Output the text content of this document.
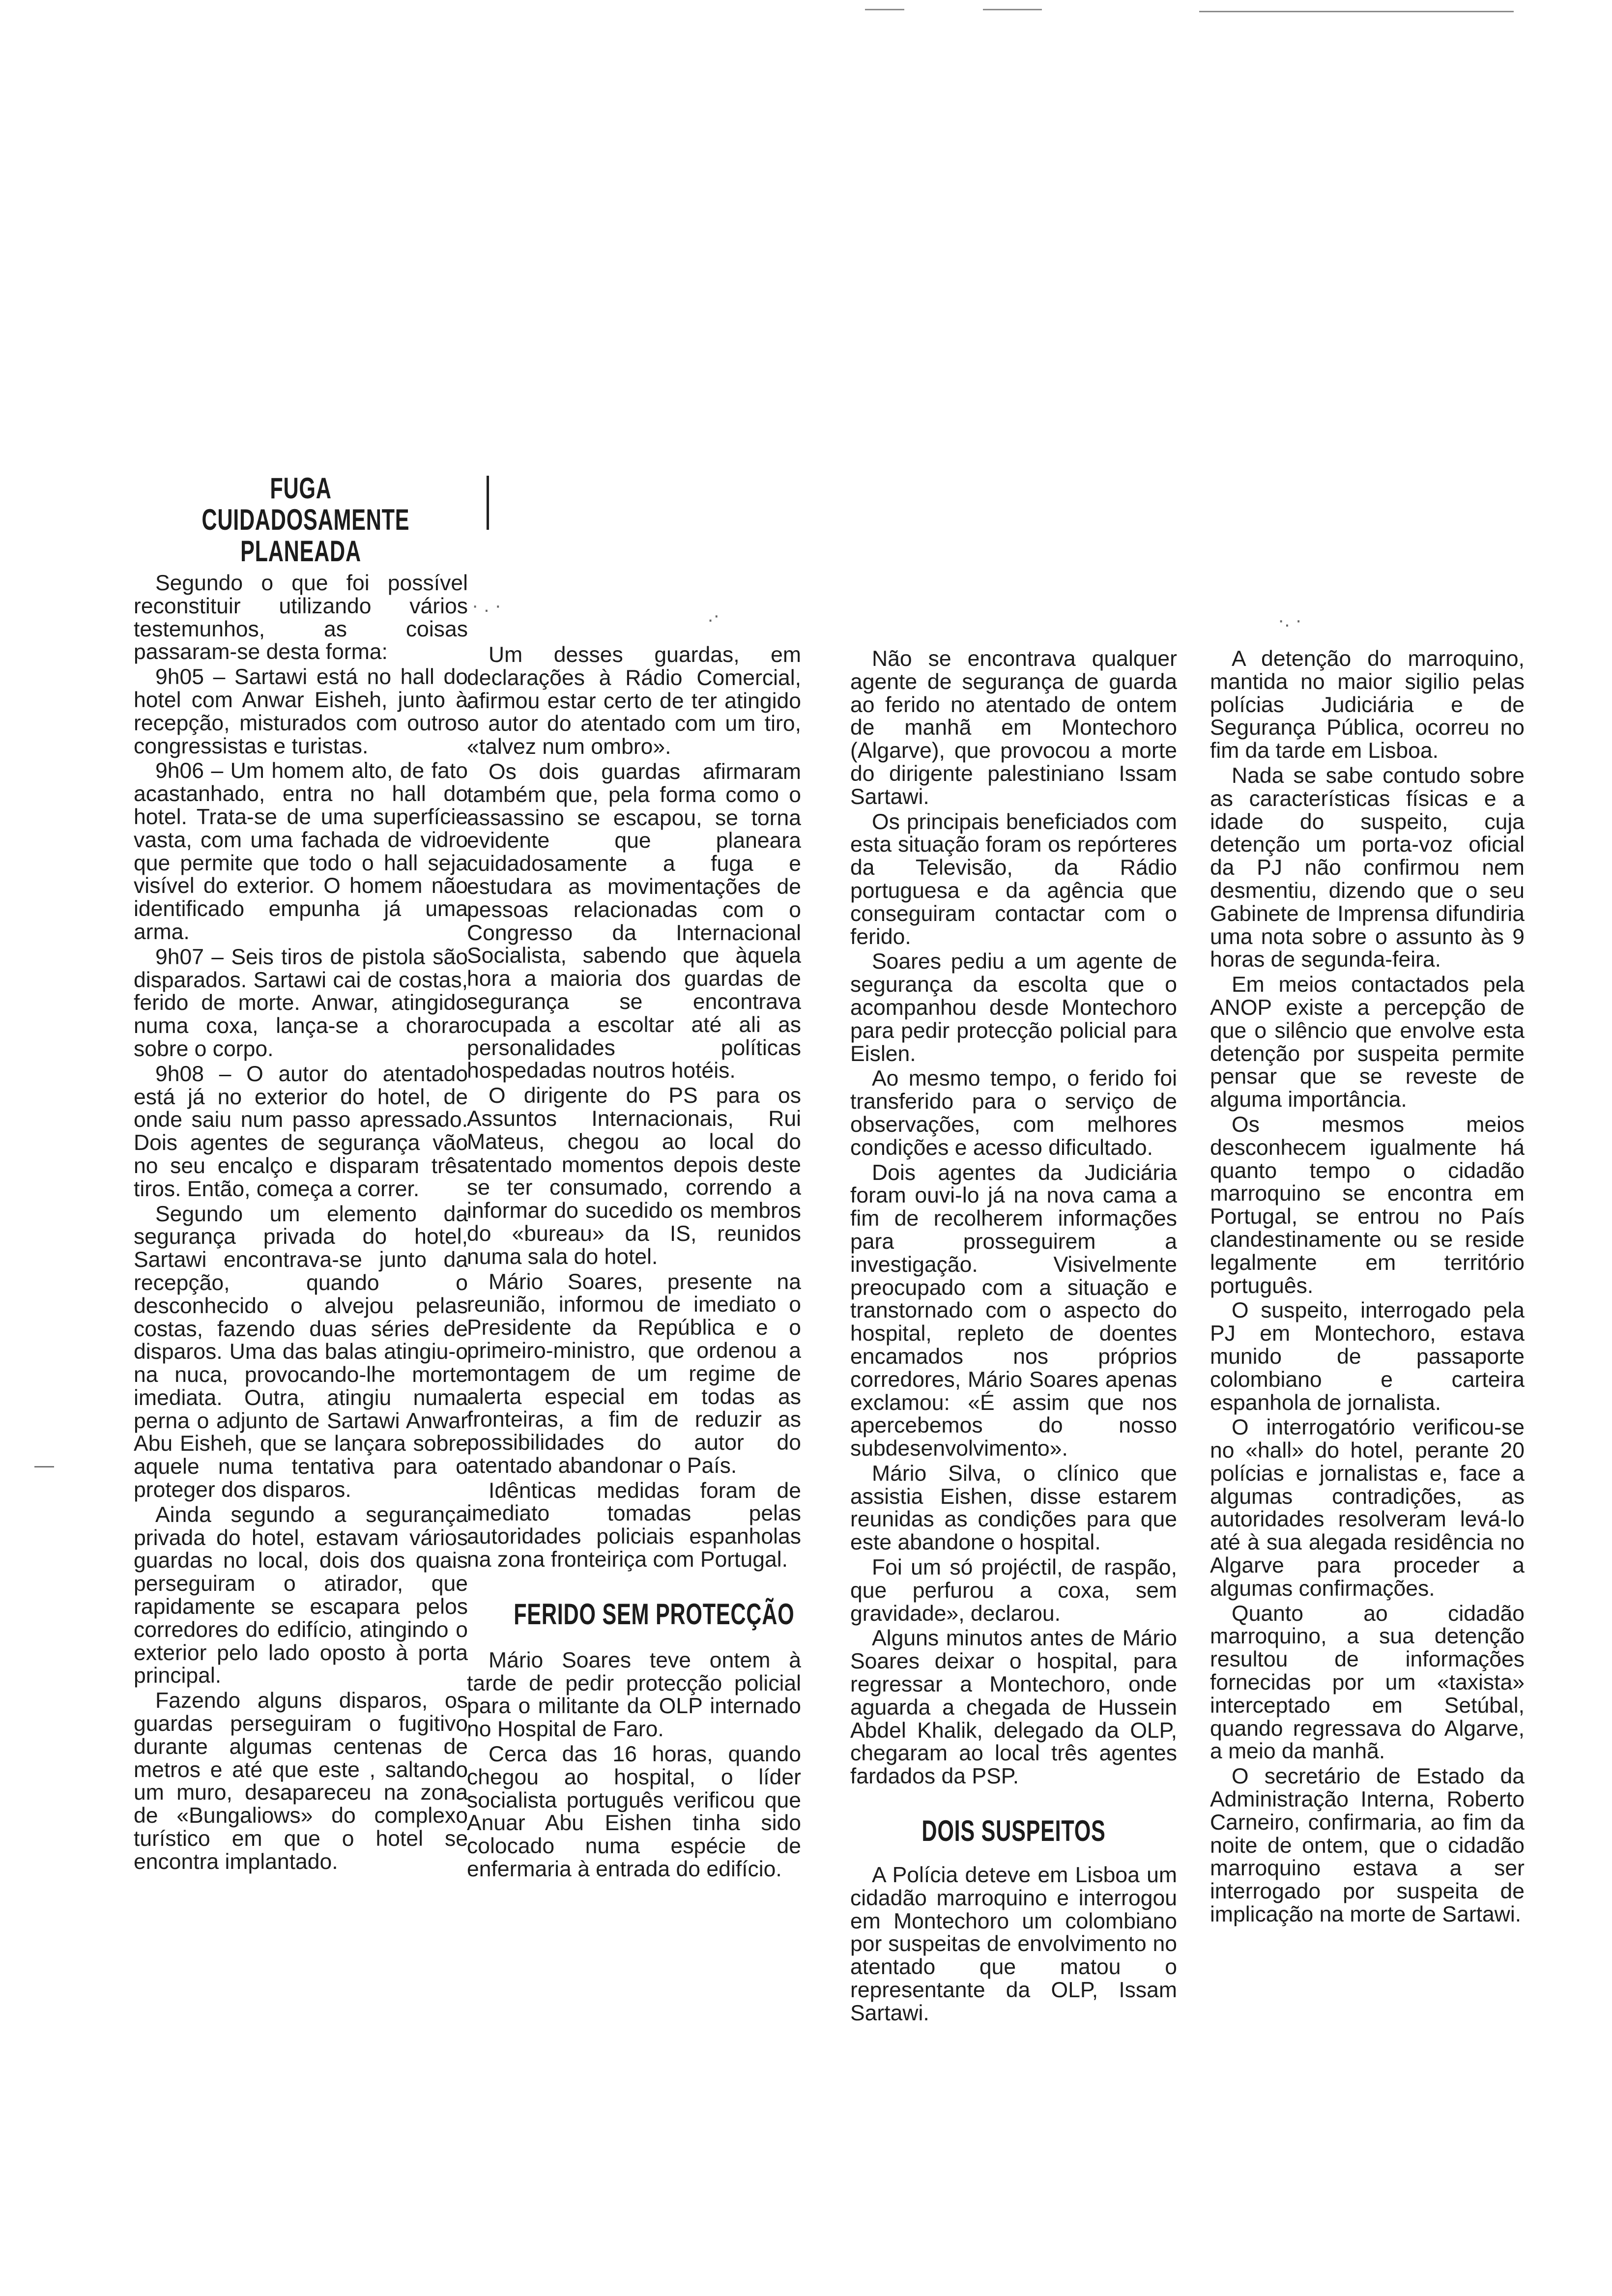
FUGA CUIDADOSAMENTE PLANEADA

Segundo o que foi possível reconstituir utilizando vários testemunhos, as coisas passaram-se desta forma:

9h05 – Sartawi está no hall do hotel com Anwar Eisheh, junto à recepção, misturados com outros congressistas e turistas.

9h06 – Um homem alto, de fato acastanhado, entra no hall do hotel. Trata-se de uma superfície vasta, com uma fachada de vidro que permite que todo o hall seja visível do exterior. O homem não identificado empunha já uma arma.

9h07 – Seis tiros de pistola são disparados. Sartawi cai de costas, ferido de morte. Anwar, atingido numa coxa, lança-se a chorar sobre o corpo.

9h08 – O autor do atentado está já no exterior do hotel, de onde saiu num passo apressado. Dois agentes de segurança vão no seu encalço e disparam três tiros. Então, começa a correr.

Segundo um elemento da segurança privada do hotel, Sartawi encontrava-se junto da recepção, quando o desconhecido o alvejou pelas costas, fazendo duas séries de disparos. Uma das balas atingiu-o na nuca, provocando-lhe morte imediata. Outra, atingiu numa perna o adjunto de Sartawi Anwar Abu Eisheh, que se lançara sobre aquele numa tentativa para o proteger dos disparos.

Ainda segundo a segurança privada do hotel, estavam vários guardas no local, dois dos quais perseguiram o atirador, que rapidamente se escapara pelos corredores do edifício, atingindo o exterior pelo lado oposto à porta principal.

Fazendo alguns disparos, os guardas perseguiram o fugitivo durante algumas centenas de metros e até que este , saltando um muro, desapareceu na zona de «Bungaliows» do complexo turístico em que o hotel se encontra implantado.

Um desses guardas, em declarações à Rádio Comercial, afirmou estar certo de ter atingido o autor do atentado com um tiro, «talvez num ombro».

Os dois guardas afirmaram também que, pela forma como o assassino se escapou, se torna evidente que planeara cuidadosamente a fuga e estudara as movimentações de pessoas relacionadas com o Congresso da Internacional Socialista, sabendo que àquela hora a maioria dos guardas de segurança se encontrava ocupada a escoltar até ali as personalidades políticas hospedadas noutros hotéis.

O dirigente do PS para os Assuntos Internacionais, Rui Mateus, chegou ao local do atentado momentos depois deste se ter consumado, correndo a informar do sucedido os membros do «bureau» da IS, reunidos numa sala do hotel.

Mário Soares, presente na reunião, informou de imediato o Presidente da República e o primeiro-ministro, que ordenou a montagem de um regime de alerta especial em todas as fronteiras, a fim de reduzir as possibilidades do autor do atentado abandonar o País.

Idênticas medidas foram de imediato tomadas pelas autoridades policiais espanholas na zona fronteiriça com Portugal.

FERIDO SEM PROTECÇÃO

Mário Soares teve ontem à tarde de pedir protecção policial para o militante da OLP internado no Hospital de Faro.

Cerca das 16 horas, quando chegou ao hospital, o líder socialista português verificou que Anuar Abu Eishen tinha sido colocado numa espécie de enfermaria à entrada do edifício.

Não se encontrava qualquer agente de segurança de guarda ao ferido no atentado de ontem de manhã em Montechoro (Algarve), que provocou a morte do dirigente palestiniano Issam Sartawi.

Os principais beneficiados com esta situação foram os repórteres da Televisão, da Rádio portuguesa e da agência que conseguiram contactar com o ferido.

Soares pediu a um agente de segurança da escolta que o acompanhou desde Montechoro para pedir protecção policial para Eislen.

Ao mesmo tempo, o ferido foi transferido para o serviço de observações, com melhores condições e acesso dificultado.

Dois agentes da Judiciária foram ouvi-lo já na nova cama a fim de recolherem informações para prosseguirem a investigação. Visivelmente preocupado com a situação e transtornado com o aspecto do hospital, repleto de doentes encamados nos próprios corredores, Mário Soares apenas exclamou: «É assim que nos apercebemos do nosso subdesenvolvimento».

Mário Silva, o clínico que assistia Eishen, disse estarem reunidas as condições para que este abandone o hospital.

Foi um só projéctil, de raspão, que perfurou a coxa, sem gravidade», declarou.

Alguns minutos antes de Mário Soares deixar o hospital, para regressar a Montechoro, onde aguarda a chegada de Hussein Abdel Khalik, delegado da OLP, chegaram ao local três agentes fardados da PSP.

DOIS SUSPEITOS

A Polícia deteve em Lisboa um cidadão marroquino e interrogou em Montechoro um colombiano por suspeitas de envolvimento no atentado que matou o representante da OLP, Issam Sartawi.

A detenção do marroquino, mantida no maior sigilio pelas polícias Judiciária e de Segurança Pública, ocorreu no fim da tarde em Lisboa.

Nada se sabe contudo sobre as características físicas e a idade do suspeito, cuja detenção um porta-voz oficial da PJ não confirmou nem desmentiu, dizendo que o seu Gabinete de Imprensa difundiria uma nota sobre o assunto às 9 horas de segunda-feira.

Em meios contactados pela ANOP existe a percepção de que o silêncio que envolve esta detenção por suspeita permite pensar que se reveste de alguma importância.

Os mesmos meios desconhecem igualmente há quanto tempo o cidadão marroquino se encontra em Portugal, se entrou no País clandestinamente ou se reside legalmente em território português.

O suspeito, interrogado pela PJ em Montechoro, estava munido de passaporte colombiano e carteira espanhola de jornalista.

O interrogatório verificou-se no «hall» do hotel, perante 20 polícias e jornalistas e, face a algumas contradições, as autoridades resolveram levá-lo até à sua alegada residência no Algarve para proceder a algumas confirmações.

Quanto ao cidadão marroquino, a sua detenção resultou de informações fornecidas por um «taxista» interceptado em Setúbal, quando regressava do Algarve, a meio da manhã.

O secretário de Estado da Administração Interna, Roberto Carneiro, confirmaria, ao fim da noite de ontem, que o cidadão marroquino estava a ser interrogado por suspeita de implicação na morte de Sartawi.

· . ·	.·	·. ·
—
